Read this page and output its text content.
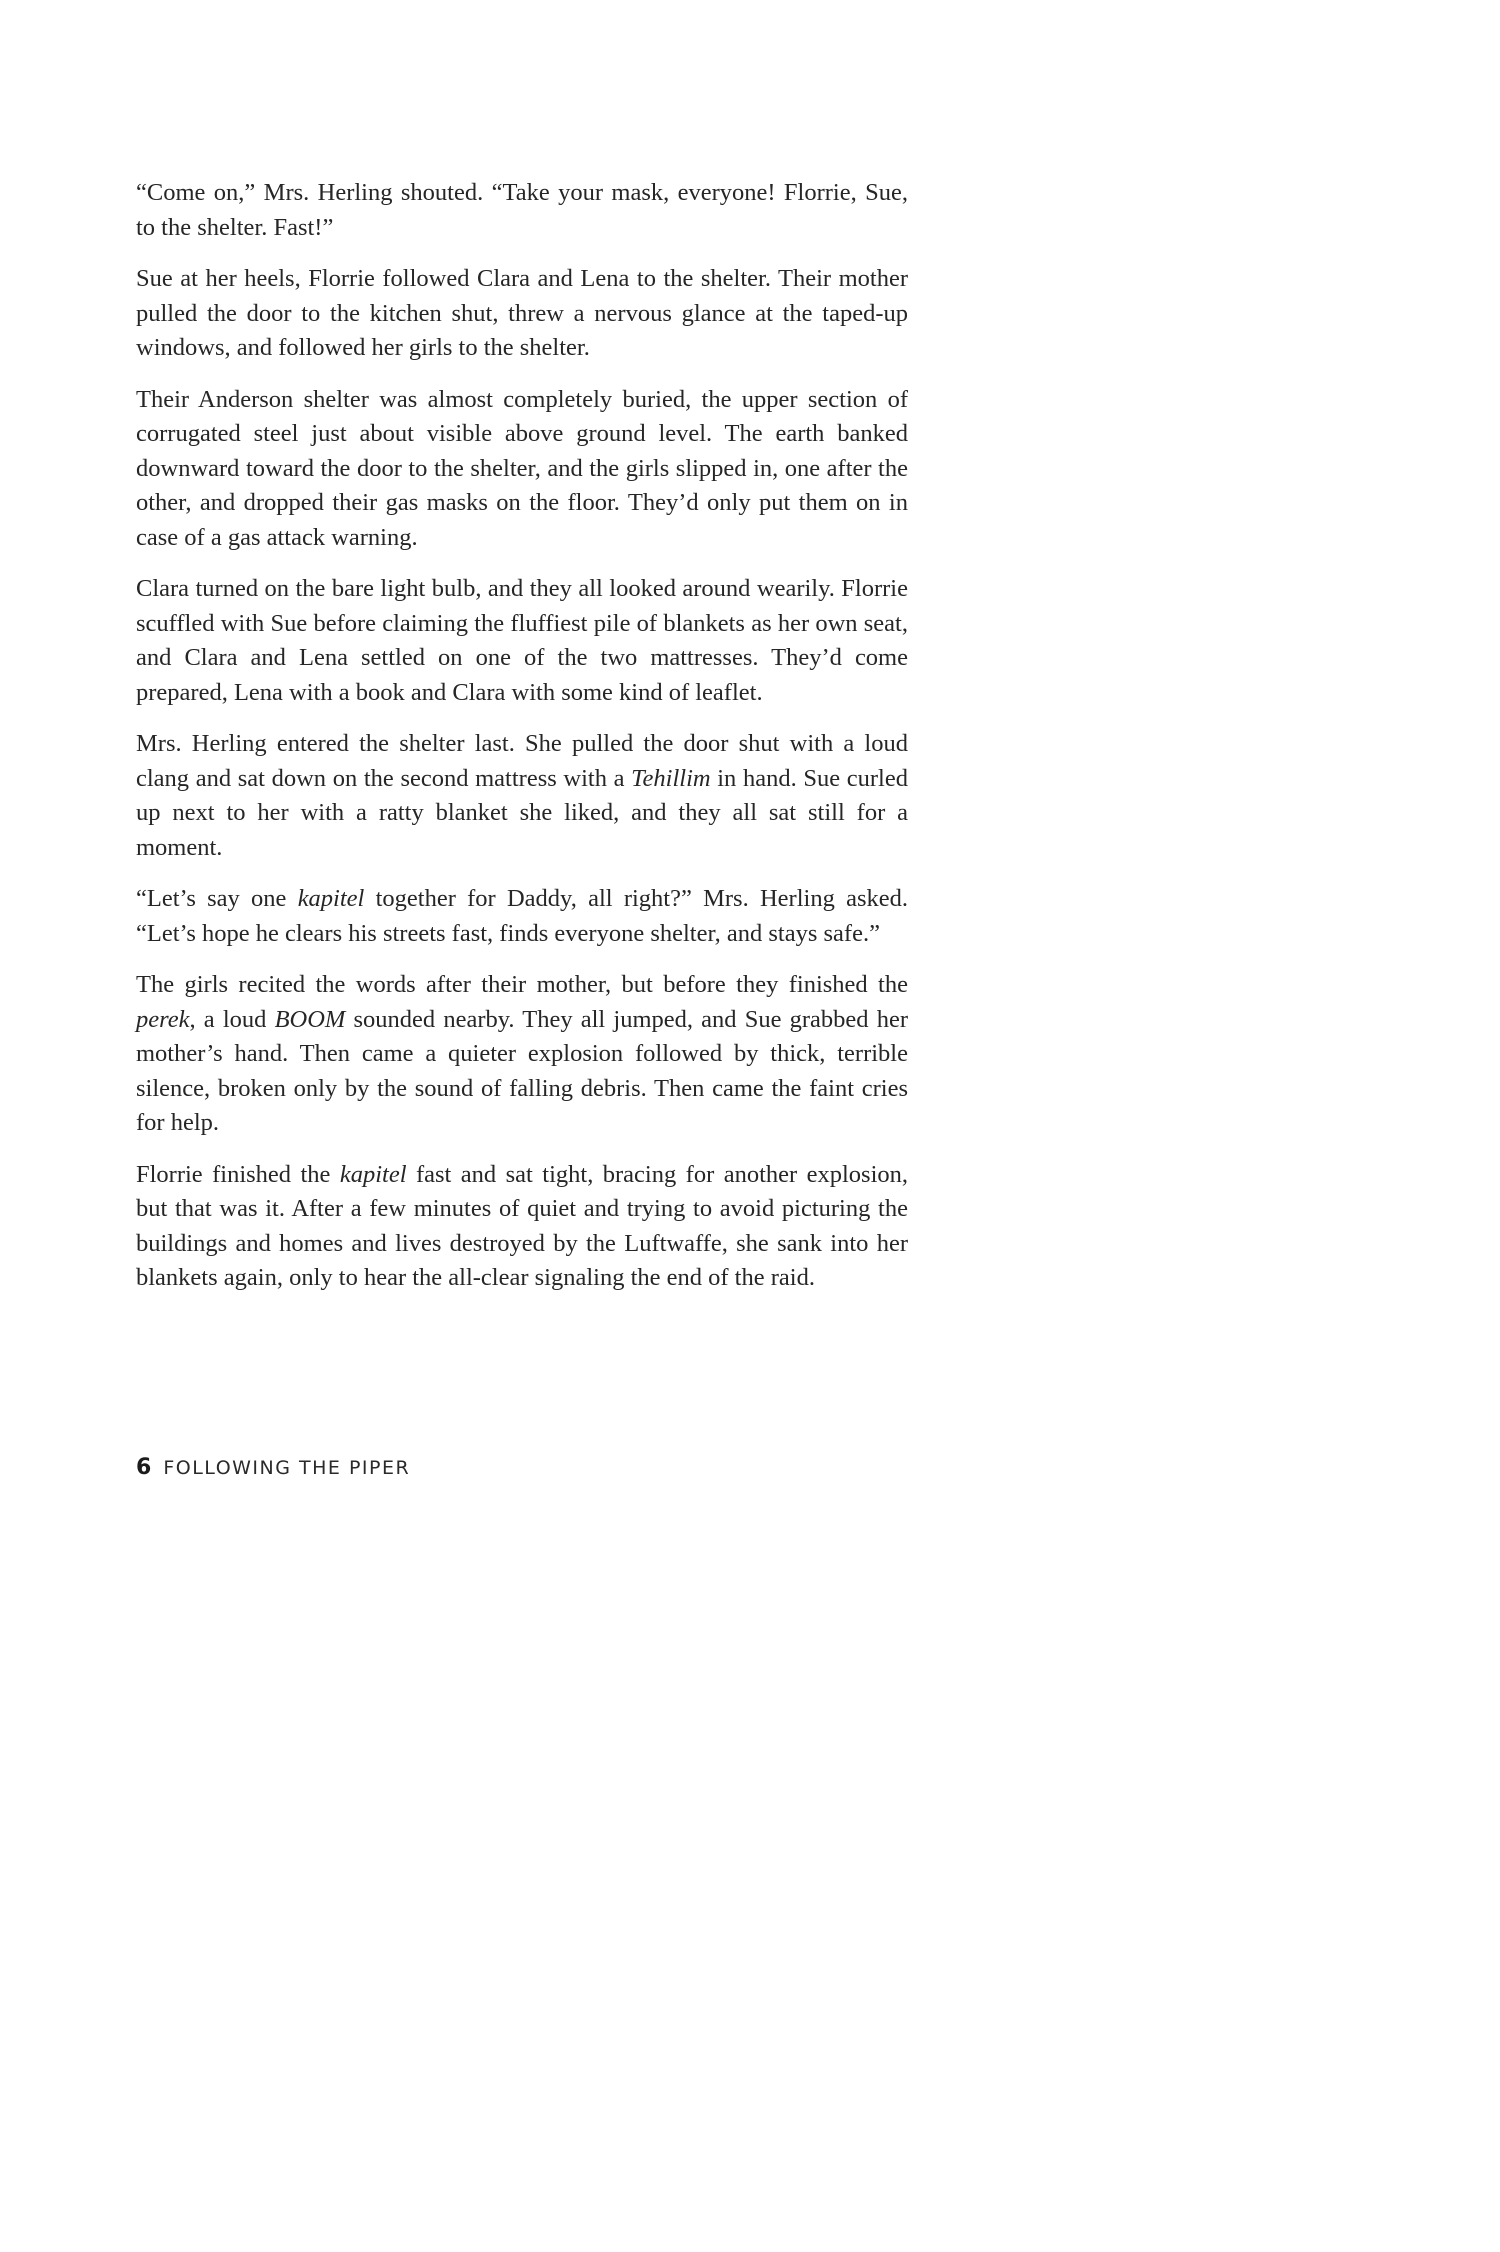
“Come on,” Mrs. Herling shouted. “Take your mask, everyone! Florrie, Sue, to the shelter. Fast!”

Sue at her heels, Florrie followed Clara and Lena to the shelter. Their mother pulled the door to the kitchen shut, threw a nervous glance at the taped-up windows, and followed her girls to the shelter.

Their Anderson shelter was almost completely buried, the upper section of corrugated steel just about visible above ground level. The earth banked downward toward the door to the shelter, and the girls slipped in, one after the other, and dropped their gas masks on the floor. They’d only put them on in case of a gas attack warning.

Clara turned on the bare light bulb, and they all looked around wearily. Florrie scuffled with Sue before claiming the fluffiest pile of blankets as her own seat, and Clara and Lena settled on one of the two mattresses. They’d come prepared, Lena with a book and Clara with some kind of leaflet.

Mrs. Herling entered the shelter last. She pulled the door shut with a loud clang and sat down on the second mattress with a Tehillim in hand. Sue curled up next to her with a ratty blanket she liked, and they all sat still for a moment.

“Let’s say one kapitel together for Daddy, all right?” Mrs. Herling asked. “Let’s hope he clears his streets fast, finds everyone shelter, and stays safe.”

The girls recited the words after their mother, but before they finished the perek, a loud BOOM sounded nearby. They all jumped, and Sue grabbed her mother’s hand. Then came a quieter explosion followed by thick, terrible silence, broken only by the sound of falling debris. Then came the faint cries for help.

Florrie finished the kapitel fast and sat tight, bracing for another explosion, but that was it. After a few minutes of quiet and trying to avoid picturing the buildings and homes and lives destroyed by the Luftwaffe, she sank into her blankets again, only to hear the all-clear signaling the end of the raid.

6 FOLLOWING THE PIPER
